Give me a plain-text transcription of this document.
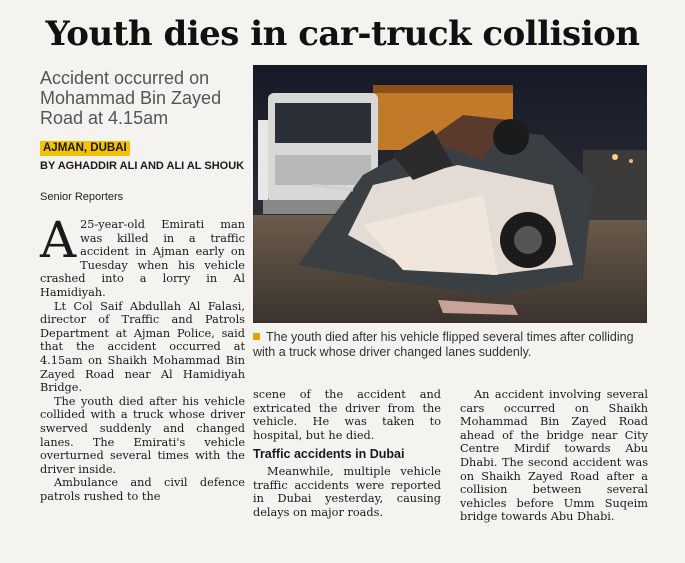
Youth dies in car-truck collision
Accident occurred on Mohammad Bin Zayed Road at 4.15am
AJMAN, DUBAI
BY AGHADDIR ALI AND ALI AL SHOUK
Senior Reporters

A 25-year-old Emirati man was killed in a traffic accident in Ajman early on Tuesday when his vehicle crashed into a lorry in Al Hamidiyah.

Lt Col Saif Abdullah Al Falasi, director of Traffic and Patrols Department at Ajman Police, said that the accident occurred at 4.15am on Shaikh Mohammad Bin Zayed Road near Al Hamidiyah Bridge.

The youth died after his vehicle collided with a truck whose driver swerved suddenly and changed lanes. The Emirati's vehicle overturned several times with the driver inside.

Ambulance and civil defence patrols rushed to the

The youth died after his vehicle flipped several times after colliding with a truck whose driver changed lanes suddenly.

scene of the accident and extricated the driver from the vehicle. He was taken to hospital, but he died.

Traffic accidents in Dubai

Meanwhile, multiple vehicle traffic accidents were reported in Dubai yesterday, causing delays on major roads.

An accident involving several cars occurred on Shaikh Mohammad Bin Zayed Road ahead of the bridge near City Centre Mirdif towards Abu Dhabi. The second accident was on Shaikh Zayed Road after a collision between several vehicles before Umm Suqeim bridge towards Abu Dhabi.
